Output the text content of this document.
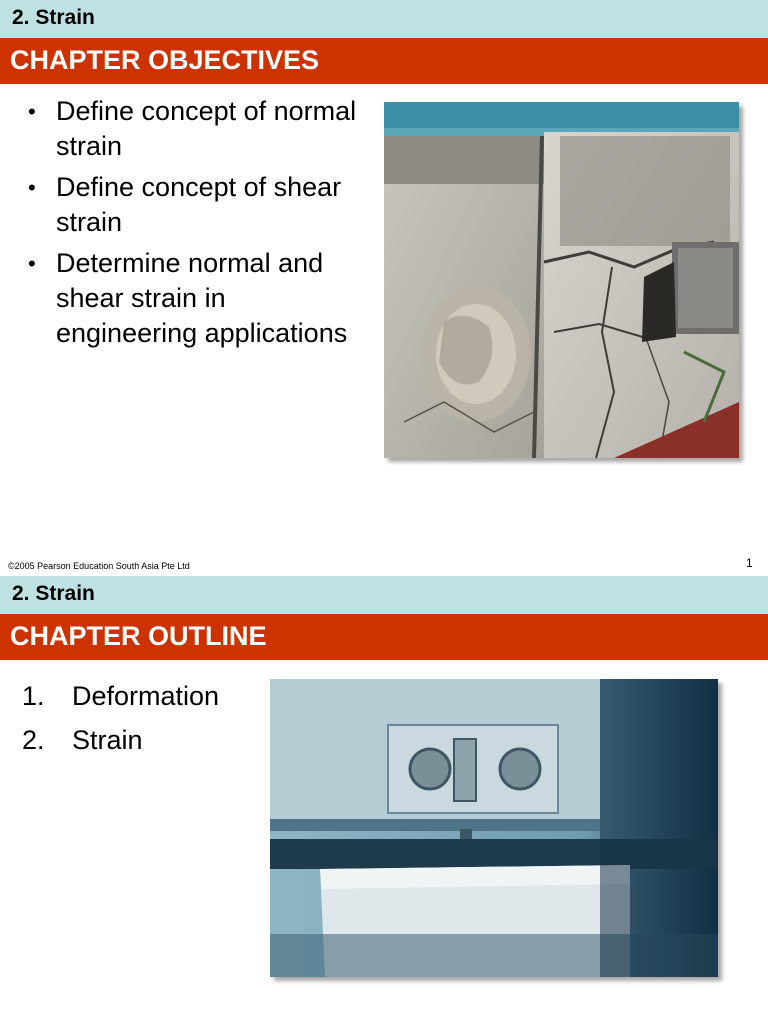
2. Strain
CHAPTER OBJECTIVES
• Define concept of normal strain
• Define concept of shear strain
• Determine normal and shear strain in engineering applications
©2005 Pearson Education South Asia Pte Ltd	1
2. Strain
CHAPTER OUTLINE
1. Deformation
2. Strain
